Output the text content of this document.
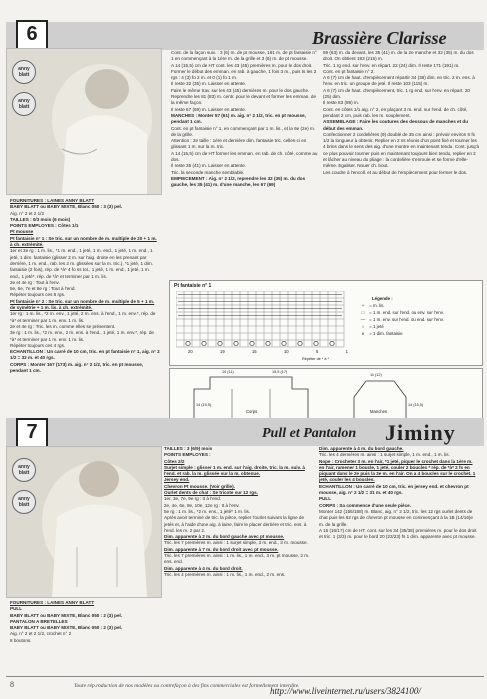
6
anny
blatt
anny
blatt
Brassière Clarisse

FOURNITURES : LAINES ANNY BLATT

BABY BLATT ou BABY MIXTE, Blanc 050 : 3 (3) pel.

Aig. n° 2 et 2 1/2

TAILLES : 0/3 mois (6 mois)

POINTS EMPLOYES : Côtes 1/1

Pt mousse

Pt fantaisie n° 1 : Se tric. sur un nombre de m. multiple de 20 + 1 m. à ch. extrémité.

1er et 3e rg : 1 m. lis., *1 m. end., 1 jeté, 1 m. end., 1 jeté, 1 m. end., 1 jeté, 1 dim. fantaisie (glisser 2 m. sur l'aig. droite en les prenant par derrière, 1 m. end., rab. les 2 m. glissées sur la m. tric.), *1 jeté, 1 dim. fantaisie (2 fois), rép. de *à* 4 fo ss tot., 1 jeté, 1 m. end., 1 jeté, 1 m. end., 1 jeté*, rép. de *à* et terminer par 1 m. lis.

2e et 4e rg : Tout à l'env.

5e, 6e, 7e et 8e rg : Tout à l'end.

Répéter toujours ces 8 rgs.

Pt fantaisie n° 2 : Se tric. sur un nombre de m. multiple de 5 + 1 m. de symétrie + 1 m. lis. à ch. extrémité.

1er rg : 1 m. lis., *2 m. env., 1 jeté, 2 m. ens. à l'end., 1 m. env.*, rép. de *à* et terminer par 1 m. env. 1 m. lis.

2e et 4e rg : Tric. les m. comme elles se présentent.

3e rg : 1 m. lis., *2 m. env., 2 m. ens. à l'end., 1 jeté, 1 m. env.*, rép. de *à* et terminer par 1 m. env. 1 m. lis.

Répéter toujours ces 4 rgs.

ECHANTILLON : Un carré de 10 cm, tric. en pt fantaisie n° 1, aig. n° 2 1/2 = 32 m. et 40 rgs.

CORPS : Monter 167 (173) m. aig. n° 2 1/2, tric. en pt mousse, pendant 1 cm.

Cont. de la façon suiv. : 3 (6) m. de pt mousse, 161 m. de pt fantaisie n° 1 en commençant à la 1ère m. de la grille et 3 (6) m. de pt mousse.

A 14 (15,5) cm de HT cont. les 43 (45) premières m. pour le dos droit. Former le début des emman. en rab. à gauche, 1 fois 3 m., puis ts les 2 rgs : 4 (3) fo 2 m. et 0 (1) fo 1 m.

Il reste 32 (35) m. Laisser en attente.

Faire le même trav. sur les 43 (45) dernières m. pour le dos gauche.

Reprendre les 81 (83) m. centr. pour le devant et former les emman. de la même façon.

Il reste 67 (69) m. Laisser en attente.

MANCHES : Monter 57 (61) m. aig. n° 2 1/2, tric. en pt mousse, pendant 1 cm.

Cont. en pt fantaisie n° 1, en commençant par 1 m. lis., et la 6e (2e) m. de la grille.

Attention : 2e taille : 1ère et dernière dim. fantaisie tric. celles-ci en glissant 1 m. sur la m. tric.

A 14 (15,5) cm de HT former les emman. en rab. de ch. côté, comme au dos.

Il reste 35 (41) m. Laisser en attente.

Tric. la seconde manche semblable.

EMPIECEMENT : Aig. n° 2 1/2, reprendre les 32 (35) m. du dos gauche, les 35 (41) m. d'une manche, les 67 (69)

59 (63) m. du devant, les 35 (41) m. de la 2e manche et 32 (35) m. du dos droit. On obtient 193 (215) m.

Tric. 1 rg end. sur l'env. en répart. 22 (24) dim. Il reste 171 (191) m.

Cont. en pt fantaisie n° 2.

A 6 (7) cm de haut. d'empiècement répartir 34 (38) dim. en tric. 2 m. ens. à l'env. en tric. un groupe de jeté. Il reste 103 (115) m.

A 6 (7) cm de haut. d'empiècement, tric. 1 rg end. sur l'env. en répart. 20 (25) dim.

Il reste 83 (89) m.

Cont. en côtes 1/1 aig. n° 2, en plaçant 3 m. end. sur l'end. de ch. côté, pendant 2 cm, puis rab. les m. souplement.

ASSEMBLAGE : Faire les coutures des dessous de manches et du début des emman.

Confectionner 2 cordelières (9) doublé de 35 cm ainsi : prévoir environ 5 fs 1/2 la longueur à obtenir. Replier en 2 ss réunis d'un point fixé et tourner les 4 brins dans le sens des aig. d'une montre en maintenant tendu. Cont. jusq'à ce plus pouvoir tourner puis en maintenant toujours bien tendu, replier en 2 et lâcher au niveau du pliage : la cordelière s'enroule et se forme d'elle-même. Egaliser. Nouer ch. bout.

Les coudre à l'encoll. et au début de l'empiècement pour fermer le dos.

Pt fantaisie n° 1
20	19	15	10	5	1
Répéter de * à *
Légende :
+ = m. lis.
□ = 1 m. end. sur l'end. ou env. sur l'env.
— = 1 m. env. sur l'end. ou end. sur l'env.
○ = 1 jeté
∧ = 1 dim. fantaisie
10 (11)	15,5 (17)
14 (15,5)
Corps
11 (12)
14 (15,5)
Manches
7
anny
blatt
anny
blatt
Pull et Pantalon Jiminy

FOURNITURES : LAINES ANNY BLATT

PULL

BABY BLATT ou BABY MIXTE, Blanc 050 : 2 (3) pel.

PANTALON A BRETELLES

BABY BLATT ou BABY MIXTE, Blanc 050 : 2 (3) pel.

Aig. n° 2 et 2 1/2, crochet n° 2

8 boutons.

TAILLES : 3 (6/9) mois

POINTS EMPLOYES :

Côtes 2/2

Surjet simple : glisser 1 m. end. sur l'aig. droite, tric. la m. suiv. à l'end. et rab. la m. glissée sur la m. obtenue.

Jersey end.

Chevron Pt mousse. (Voir grille).

Ourlet dents de chat : Se tricote sur 12 rgs.

1er, 3e, 7e, 9e rg : tt à l'end.

2e, 4e, 6e, 8e, 10e, 12e rg : tt à l'env.

5e rg : 1 m. lis., *2 m. ens., 1 jeté* 1 m. lis.

Après avoir terminé de tric. la pièce, replier l'ourlet suivant la ligne de jetés et, à l'aide d'une aig. à laine, faire le placer derrière et tric. ens. à l'end. les m. 2 par 2.

Dim. apparente à 2 m. du bord gauche avec pt mousse.

Tric. les 7 premières m. ainsi : 1 surjet simple, 3 m. end., 3 m. mousse.

Dim. apparente à 7 m. du bord droit avec pt mousse.

Tric. les 7 premières m. ainsi : 1 m. lis., 1 m. end., 3 m. pt mousse, 2 m. ens. end.

Dim. apparente à 4 m. du bord droit.

Tric. les 4 premières m. ainsi : 1 m. lis., 1 m. end., 2 m. ens.

Dim. apparente à 4 m. du bord gauche.

Tric. les 4 dernières m. ainsi : 1 surjet simple, 1 m. end., 1 m. lis.

Nope : Crocheter 3 m. en l'air, *1 jeté, piquer le crochet dans la 1ère m. en l'air, ramener 1 boucle, 1 jeté, couler 2 boucles * rép. de *à* 2 fs en piquant dans le 2e puis la 3e m. en l'air. On a 4 boucles sur le crochet. 1 jeté, couler les 4 boucles.

ECHANTILLON : Un carré de 10 cm, tric. en jersey end. et chevron pt mousse, aig. n° 2 1/2 = 31 m. et 40 rgs.

PULL

CORPS : Sa commence d'une seule pièce.

Monter 142 (155/158) m. Blanc, aig. n° 2 1/2, tric. les 12 rgs ourlet dents de chat puis les 62 rgs de chevron pt mousse en commençant à la 1B (14/16)e m. de la grille.

A 15 (16/17) cm de HT. cont. sur les 34 (35/38) premières m. pour le dos droit et tric. 1 (3/3) m. pour le bord 20 (22/23) fs 1 dim. apparente avec pt mousse.

8	Toute rép.roduction de nos modèles ou contrefaçon à des fins commerciales est formellement interdite.
http://www.liveinternet.ru/users/3824100/
